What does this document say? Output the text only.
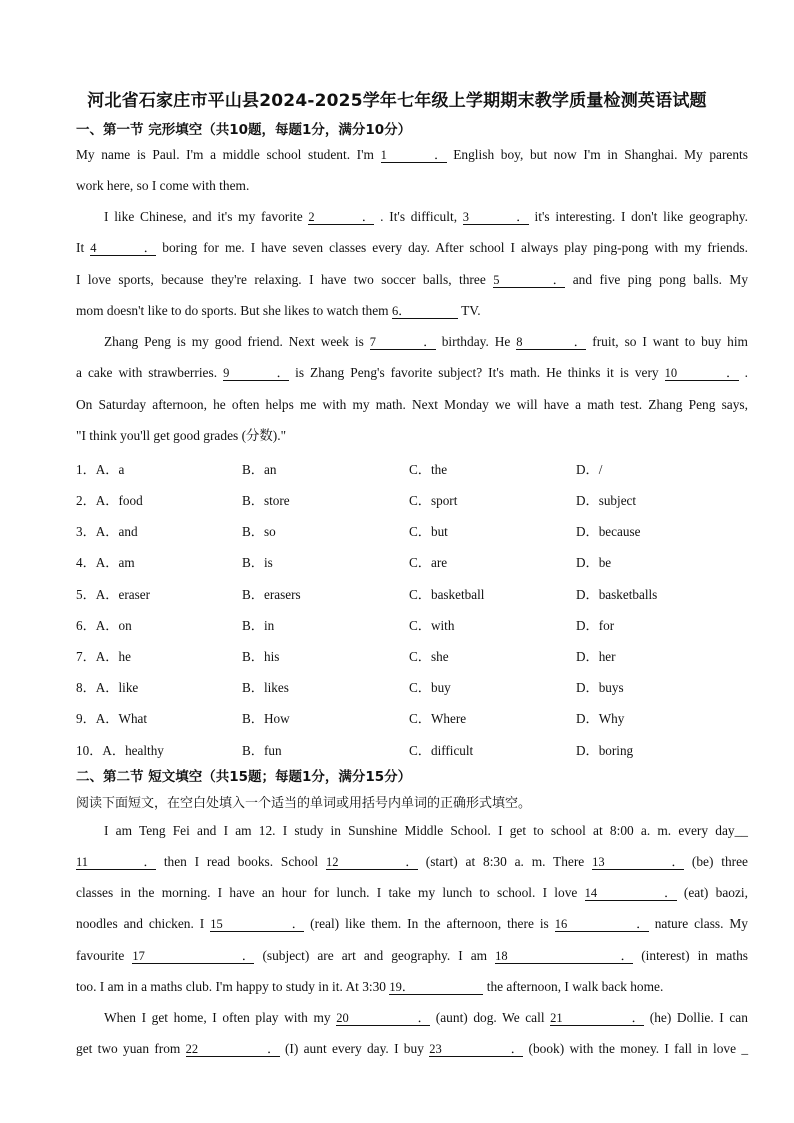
河北省石家庄市平山县2024-2025学年七年级上学期期末教学质量检测英语试题
一、第一节 完形填空（共10题，每题1分，满分10分）
My name is Paul. I'm a middle school student. I'm 1． English boy, but now I'm in Shanghai. My parents
work here, so I come with them.
I like Chinese, and it's my favorite 2． . It's difficult, 3． it's interesting. I don't like geography.
It 4． boring for me. I have seven classes every day. After school I always play ping-pong with my friends.
I love sports, because they're relaxing. I have two soccer balls, three 5． and five ping pong balls. My
mom doesn't like to do sports. But she likes to watch them 6．	TV.
Zhang Peng is my good friend. Next week is 7． birthday. He 8． fruit, so I want to buy him
a cake with strawberries. 9． is Zhang Peng's favorite subject? It's math. He thinks it is very 10． .
On Saturday afternoon, he often helps me with my math. Next Monday we will have a math test. Zhang Peng says,
"I think you'll get good grades (分数)."
1．A．a	B．an	C．the	D．/
2．A．food	B．store	C．sport	D．subject
3．A．and	B．so	C．but	D．because
4．A．am	B．is	C．are	D．be
5．A．eraser	B．erasers	C．basketball	D．basketballs
6．A．on	B．in	C．with	D．for
7．A．he	B．his	C．she	D．her
8．A．like	B．likes	C．buy	D．buys
9．A．What	B．How	C．Where	D．Why
10．A．healthy	B．fun	C．difficult	D．boring
二、第二节 短文填空（共15题；每题1分，满分15分）
阅读下面短文，在空白处填入一个适当的单词或用括号内单词的正确形式填空。
I am Teng Fei and I am 12. I study in Sunshine Middle School. I get to school at 8:00 a. m. every day__
11． then I read books. School 12． (start) at 8:30 a. m. There 13． (be) three
classes in the morning. I have an hour for lunch. I take my lunch to school. I love 14． (eat) baozi,
noodles and chicken. I 15． (real) like them. In the afternoon, there is 16． nature class. My
favourite 17． (subject) are art and geography. I am 18． (interest) in maths
too. I am in a maths club. I'm happy to study in it. At 3:30 19．	the afternoon, I walk back home.
When I get home, I often play with my 20． (aunt) dog. We call 21． (he) Dollie. I can
get two yuan from 22． (I) aunt every day. I buy 23． (book) with the money. I fall in love _
